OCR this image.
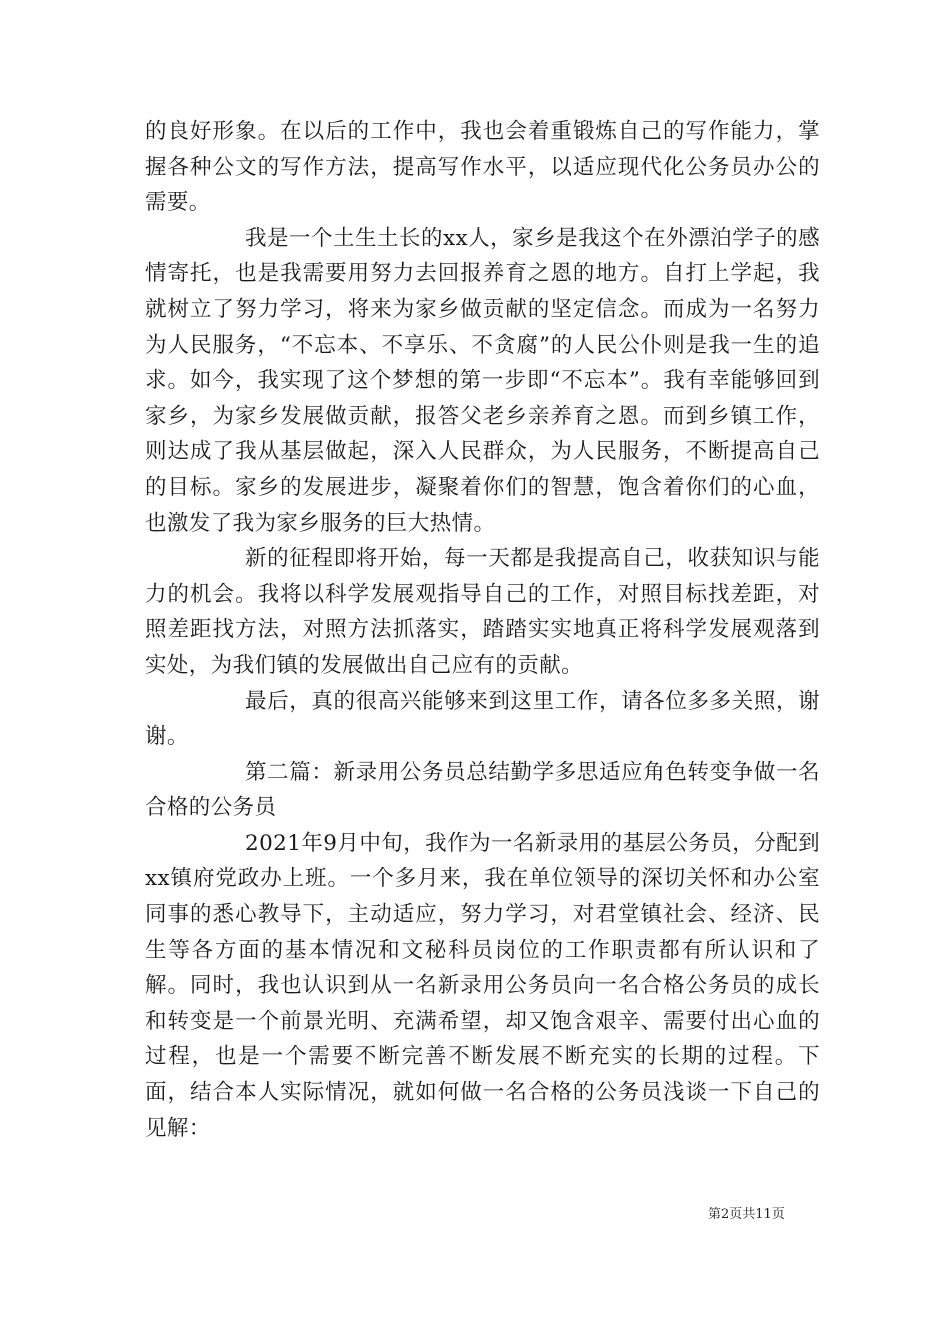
的良好形象。在以后的工作中，我也会着重锻炼自己的写作能力，掌握各种公文的写作方法，提高写作水平，以适应现代化公务员办公的需要。

我是一个土生土长的xx人，家乡是我这个在外漂泊学子的感情寄托，也是我需要用努力去回报养育之恩的地方。自打上学起，我就树立了努力学习，将来为家乡做贡献的坚定信念。而成为一名努力为人民服务，“不忘本、不享乐、不贪腐”的人民公仆则是我一生的追求。如今，我实现了这个梦想的第一步即“不忘本”。我有幸能够回到家乡，为家乡发展做贡献，报答父老乡亲养育之恩。而到乡镇工作，则达成了我从基层做起，深入人民群众，为人民服务，不断提高自己的目标。家乡的发展进步，凝聚着你们的智慧，饱含着你们的心血，也激发了我为家乡服务的巨大热情。

新的征程即将开始，每一天都是我提高自己，收获知识与能力的机会。我将以科学发展观指导自己的工作，对照目标找差距，对照差距找方法，对照方法抓落实，踏踏实实地真正将科学发展观落到实处，为我们镇的发展做出自己应有的贡献。

最后，真的很高兴能够来到这里工作，请各位多多关照，谢谢。

第二篇：新录用公务员总结勤学多思适应角色转变争做一名合格的公务员

2021年9月中旬，我作为一名新录用的基层公务员，分配到xx镇府党政办上班。一个多月来，我在单位领导的深切关怀和办公室同事的悉心教导下，主动适应，努力学习，对君堂镇社会、经济、民生等各方面的基本情况和文秘科员岗位的工作职责都有所认识和了解。同时，我也认识到从一名新录用公务员向一名合格公务员的成长和转变是一个前景光明、充满希望，却又饱含艰辛、需要付出心血的过程，也是一个需要不断完善不断发展不断充实的长期的过程。下面，结合本人实际情况，就如何做一名合格的公务员浅谈一下自己的见解：

第2页共11页
